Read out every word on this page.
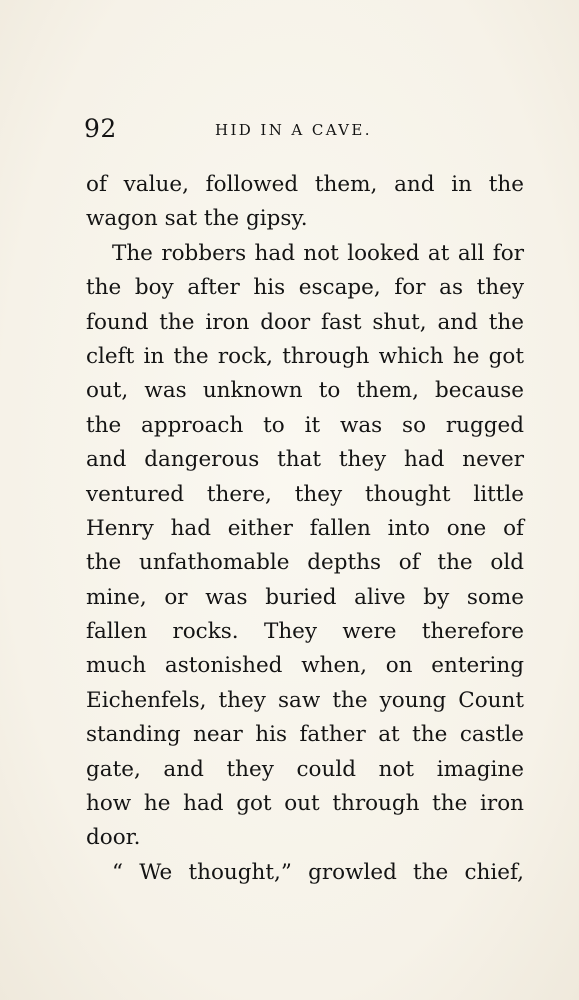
92	HID IN A CAVE.
of value, followed them, and in the
wagon sat the gipsy.
The robbers had not looked at all for
the boy after his escape, for as they
found the iron door fast shut, and the
cleft in the rock, through which he got
out, was unknown to them, because
the approach to it was so rugged
and dangerous that they had never
ventured there, they thought little
Henry had either fallen into one of
the unfathomable depths of the old
mine, or was buried alive by some
fallen rocks. They were therefore
much astonished when, on entering
Eichenfels, they saw the young Count
standing near his father at the castle
gate, and they could not imagine
how he had got out through the iron
door.
“ We thought,” growled the chief,
